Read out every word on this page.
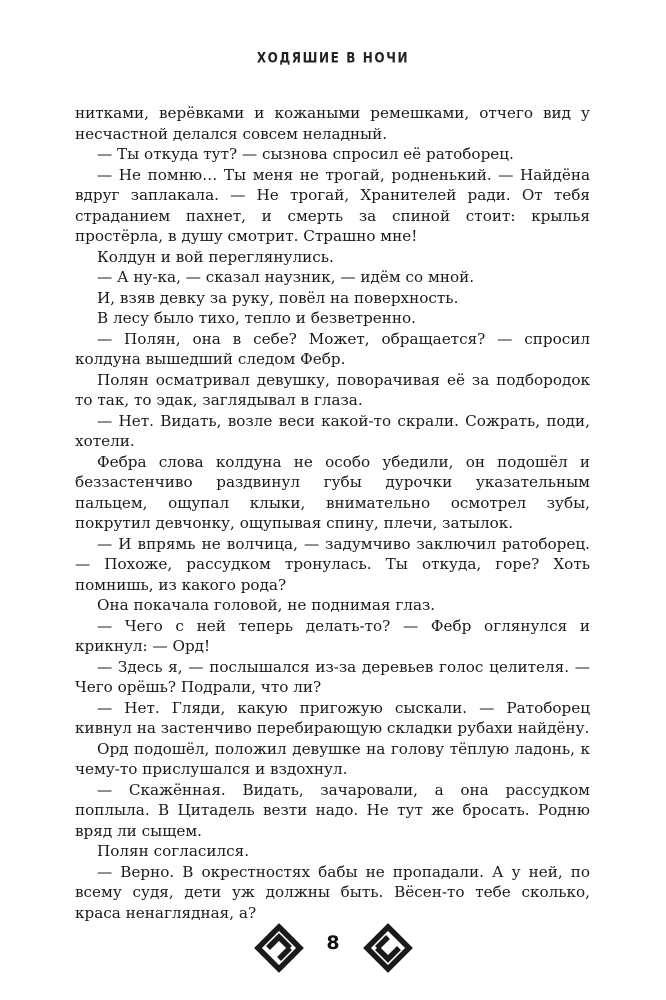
ХОДЯШИЕ В НОЧИ

нитками, верёвками и кожаными ремешками, отчего вид у несчастной делался совсем неладный.

— Ты откуда тут? — сызнова спросил её ратоборец.

— Не помню… Ты меня не трогай, родненький. — Найдёна вдруг заплакала. — Не трогай, Хранителей ради. От тебя страданием пахнет, и смерть за спиной стоит: крылья простёрла, в душу смотрит. Страшно мне!

Колдун и вой переглянулись.

— А ну-ка, — сказал наузник, — идём со мной.

И, взяв девку за руку, повёл на поверхность.

В лесу было тихо, тепло и безветренно.

— Полян, она в себе? Может, обращается? — спросил колдуна вышедший следом Фебр.

Полян осматривал девушку, поворачивая её за подбородок то так, то эдак, заглядывал в глаза.

— Нет. Видать, возле веси какой-то скрали. Сожрать, поди, хотели.

Фебра слова колдуна не особо убедили, он подошёл и беззастенчиво раздвинул губы дурочки указательным пальцем, ощупал клыки, внимательно осмотрел зубы, покрутил девчонку, ощупывая спину, плечи, затылок.

— И впрямь не волчица, — задумчиво заключил ратоборец. — Похоже, рассудком тронулась. Ты откуда, горе? Хоть помнишь, из какого рода?

Она покачала головой, не поднимая глаз.

— Чего с ней теперь делать-то? — Фебр оглянулся и крикнул: — Орд!

— Здесь я, — послышался из-за деревьев голос целителя. — Чего орёшь? Подрали, что ли?

— Нет. Гляди, какую пригожую сыскали. — Ратоборец кивнул на застенчиво перебирающую складки рубахи найдёну.

Орд подошёл, положил девушке на голову тёплую ладонь, к чему-то прислушался и вздохнул.

— Скажённая. Видать, зачаровали, а она рассудком поплыла. В Цитадель везти надо. Не тут же бросать. Родню вряд ли сыщем.

Полян согласился.

— Верно. В окрестностях бабы не пропадали. А у ней, по всему судя, дети уж должны быть. Вёсен-то тебе сколько, краса ненаглядная, а?

8
